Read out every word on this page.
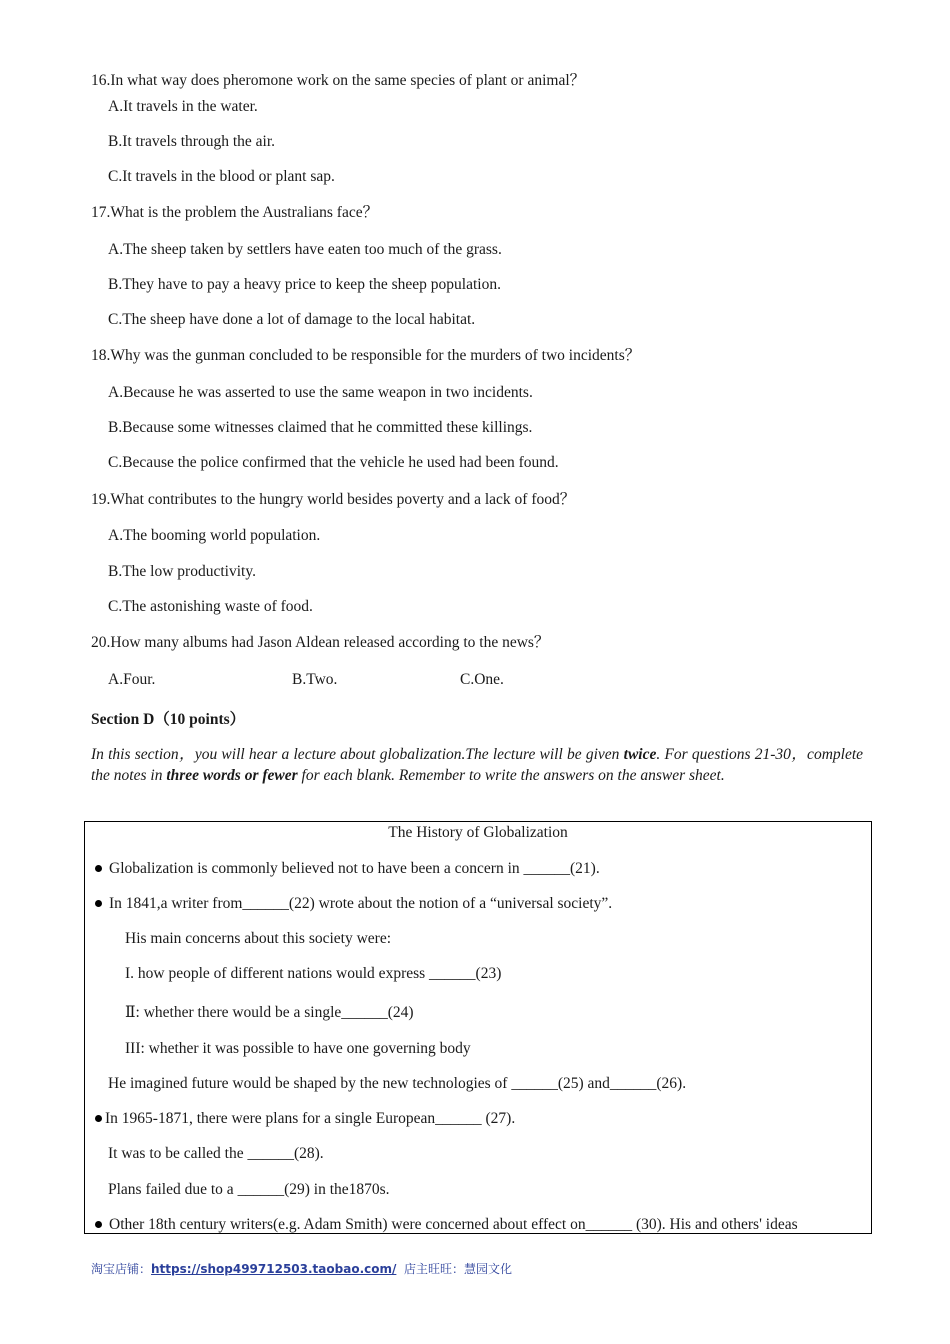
16.In what way does pheromone work on the same species of plant or animal？
A.It travels in the water.
B.It travels through the air.
C.It travels in the blood or plant sap.
17.What is the problem the Australians face？
A.The sheep taken by settlers have eaten too much of the grass.
B.They have to pay a heavy price to keep the sheep population.
C.The sheep have done a lot of damage to the local habitat.
18.Why was the gunman concluded to be responsible for the murders of two incidents？
A.Because he was asserted to use the same weapon in two incidents.
B.Because some witnesses claimed that he committed these killings.
C.Because the police confirmed that the vehicle he used had been found.
19.What contributes to the hungry world besides poverty and a lack of food？
A.The booming world population.
B.The low productivity.
C.The astonishing waste of food.
20.How many albums had Jason Aldean released according to the news？
A.Four.	B.Two.	C.One.
Section D（10 points）
In this section，you will hear a lecture about globalization.The lecture will be given twice. For questions 21-30，complete the notes in three words or fewer for each blank. Remember to write the answers on the answer sheet.
The History of Globalization
Globalization is commonly believed not to have been a concern in ______(21).
In 1841,a writer from______(22) wrote about the notion of a “universal society”.
His main concerns about this society were:
I. how people of different nations would express ______(23)
Ⅱ: whether there would be a single______(24)
III: whether it was possible to have one governing body
He imagined future would be shaped by the new technologies of ______(25) and______(26).
In 1965-1871, there were plans for a single European______ (27).
It was to be called the ______(28).
Plans failed due to a ______(29) in the1870s.
Other 18th century writers(e.g. Adam Smith) were concerned about effect on______ (30). His and others' ideas
淘宝店铺：https://shop499712503.taobao.com/ 店主旺旺：慧园文化
